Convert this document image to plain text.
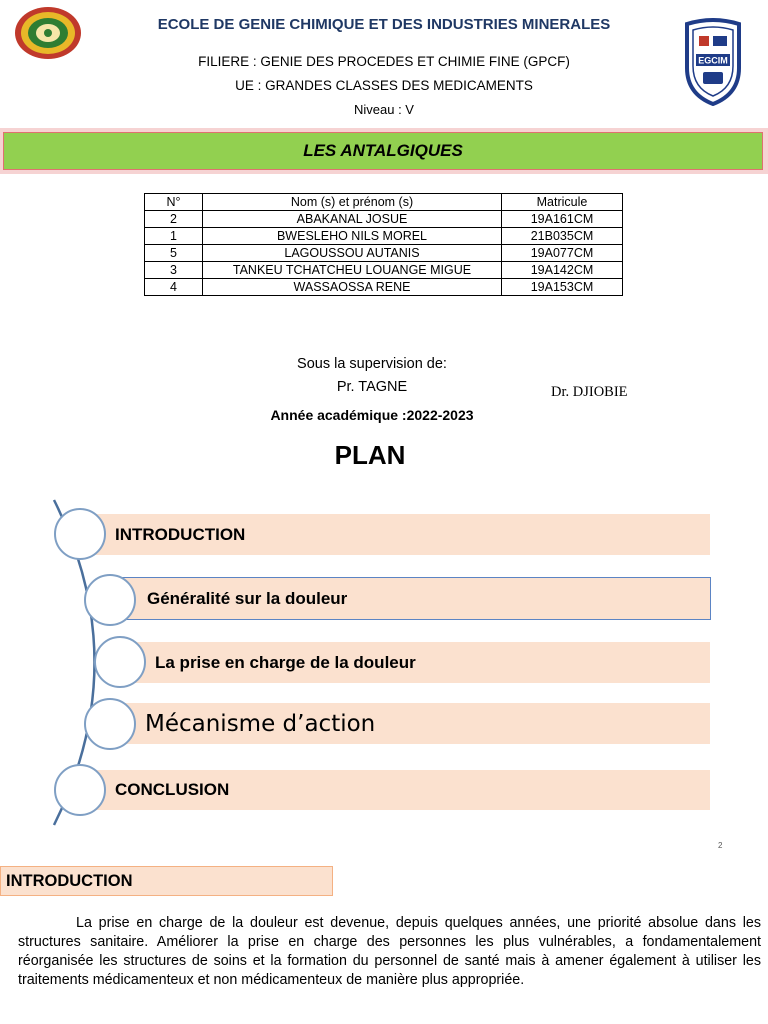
EGCIM
ECOLE DE GENIE CHIMIQUE ET DES INDUSTRIES MINERALES
FILIERE : GENIE DES PROCEDES ET CHIMIE FINE (GPCF)
UE : GRANDES CLASSES DES MEDICAMENTS
Niveau : V
LES ANTALGIQUES
N°	Nom (s) et prénom (s)	Matricule
2	ABAKANAL JOSUE	19A161CM
1	BWESLEHO NILS MOREL	21B035CM
5	LAGOUSSOU AUTANIS	19A077CM
3	TANKEU TCHATCHEU LOUANGE MIGUE	19A142CM
4	WASSAOSSA RENE	19A153CM
Sous la supervision de:
Pr. TAGNE	Dr. DJIOBIE
Année académique :2022-2023
PLAN
INTRODUCTION
Généralité sur la douleur
La prise en charge de la douleur
Mécanisme d’action
CONCLUSION
2
INTRODUCTION
La prise en charge de la douleur est devenue, depuis quelques années, une priorité absolue dans les structures sanitaire. Améliorer la prise en charge des personnes les plus vulnérables, a fondamentalement réorganisée les structures de soins et la formation du personnel de santé mais à amener également à utiliser les traitements médicamenteux et non médicamenteux de manière plus appropriée.
